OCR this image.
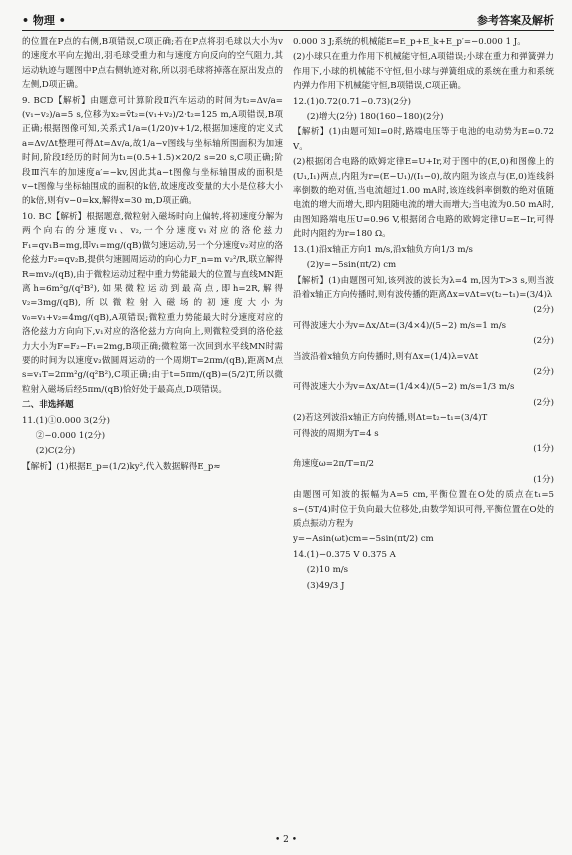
• 物理 •	参考答案及解析

的位置在P点的右侧,B项错误,C项正确;若在P点将羽毛球以大小为v的速度水平向左抛出,羽毛球受重力和与速度方向反向的空气阻力,其运动轨迹与题图中P点右侧轨迹对称,所以羽毛球将掉落在原出发点的左侧,D项正确。

9. BCD【解析】由题意可计算阶段Ⅱ汽车运动的时间为t₂=Δv/a=(v₁−v₂)/a=5 s,位移为x₂=v̄t₂=(v₁+v₂)/2·t₂=125 m,A项错误,B项正确;根据图像可知,关系式1/a=(1/20)v+1/2,根据加速度的定义式a=Δv/Δt整理可得Δt=Δv/a,故1/a−v图线与坐标轴所围面积为加速时间,阶段Ⅰ经历的时间为t₁=(0.5+1.5)×20/2 s=20 s,C项正确;阶段Ⅲ汽车的加速度a′=−kv,因此其a−t图像与坐标轴围成的面积是v−t图像与坐标轴围成的面积的k倍,故速度改变量的大小是位移大小的k倍,则有v−0=kx,解得x=30 m,D项正确。

10. BC【解析】根据题意,微粒射入磁场时向上偏转,将初速度分解为两个向右的分速度v₁、v₂,一个分速度v₁对应的洛伦兹力F₁=qv₁B=mg,即v₁=mg/(qB)做匀速运动,另一个分速度v₂对应的洛伦兹力F₂=qv₂B,提供匀速圆周运动的向心力F_n=m v₂²/R,联立解得R=mv₂/(qB),由于微粒运动过程中重力势能最大的位置与直线MN距离h=6m²g/(q²B²),如果微粒运动到最高点,即h=2R,解得v₂=3mg/(qB),所以微粒射入磁场的初速度大小为v₀=v₁+v₂=4mg/(qB),A项错误;微粒重力势能最大时分速度对应的洛伦兹力方向向下,v₁对应的洛伦兹力方向向上,则微粒受到的洛伦兹力大小为F=F₂−F₁=2mg,B项正确;微粒第一次回到水平线MN时需要的时间为以速度v₂做圆周运动的一个周期T=2πm/(qB),距离M点s=v₁T=2πm²g/(q²B²),C项正确;由于t=5πm/(qB)=(5/2)T,所以微粒射入磁场后经5πm/(qB)恰好处于最高点,D项错误。

二、非选择题

11.(1)①0.000 3(2分)

②−0.000 1(2分)

(2)C(2分)

【解析】(1)根据E_p=(1/2)ky²,代入数据解得E_p≈

0.000 3 J;系统的机械能E=E_p+E_k+E_p′=−0.000 1 J。

(2)小球只在重力作用下机械能守恒,A项错误;小球在重力和弹簧弹力作用下,小球的机械能不守恒,但小球与弹簧组成的系统在重力和系统内弹力作用下机械能守恒,B项错误,C项正确。

12.(1)0.72(0.71~0.73)(2分)

(2)增大(2分) 180(160~180)(2分)

【解析】(1)由题可知I=0时,路端电压等于电池的电动势为E=0.72 V。

(2)根据闭合电路的欧姆定律E=U+Ir,对于图中的(E,0)和图像上的(U₁,I₁)两点,内阻为r=(E−U₁)/(I₁−0),故内阻为该点与(E,0)连线斜率倒数的绝对值,当电流超过1.00 mA时,该连线斜率倒数的绝对值随电流的增大而增大,即内阻随电流的增大而增大;当电流为0.50 mA时,由图知路端电压U=0.96 V,根据闭合电路的欧姆定律U=E−Ir,可得此时内阻约为r=180 Ω。

13.(1)沿x轴正方向1 m/s,沿x轴负方向1/3 m/s

(2)y=−5sin(πt/2) cm

【解析】(1)由题图可知,该列波的波长为λ=4 m,因为T>3 s,则当波沿着x轴正方向传播时,则有波传播的距离Δx=vΔt=v(t₂−t₁)=(3/4)λ

(2分)

可得波速大小为v=Δx/Δt=(3/4×4)/(5−2) m/s=1 m/s

(2分)

当波沿着x轴负方向传播时,则有Δx=(1/4)λ=vΔt

(2分)

可得波速大小为v=Δx/Δt=(1/4×4)/(5−2) m/s=1/3 m/s

(2分)

(2)若这列波沿x轴正方向传播,则Δt=t₂−t₁=(3/4)T

可得波的周期为T=4 s

(1分)

角速度ω=2π/T=π/2

(1分)

由题图可知波的振幅为A=5 cm,平衡位置在O处的质点在t₁=5 s−(5T/4)时位于负向最大位移处,由数学知识可得,平衡位置在O处的质点振动方程为

y=−Asin(ωt)cm=−5sin(πt/2) cm

14.(1)−0.375 V 0.375 A

(2)10 m/s

(3)49/3 J

• 2 •
